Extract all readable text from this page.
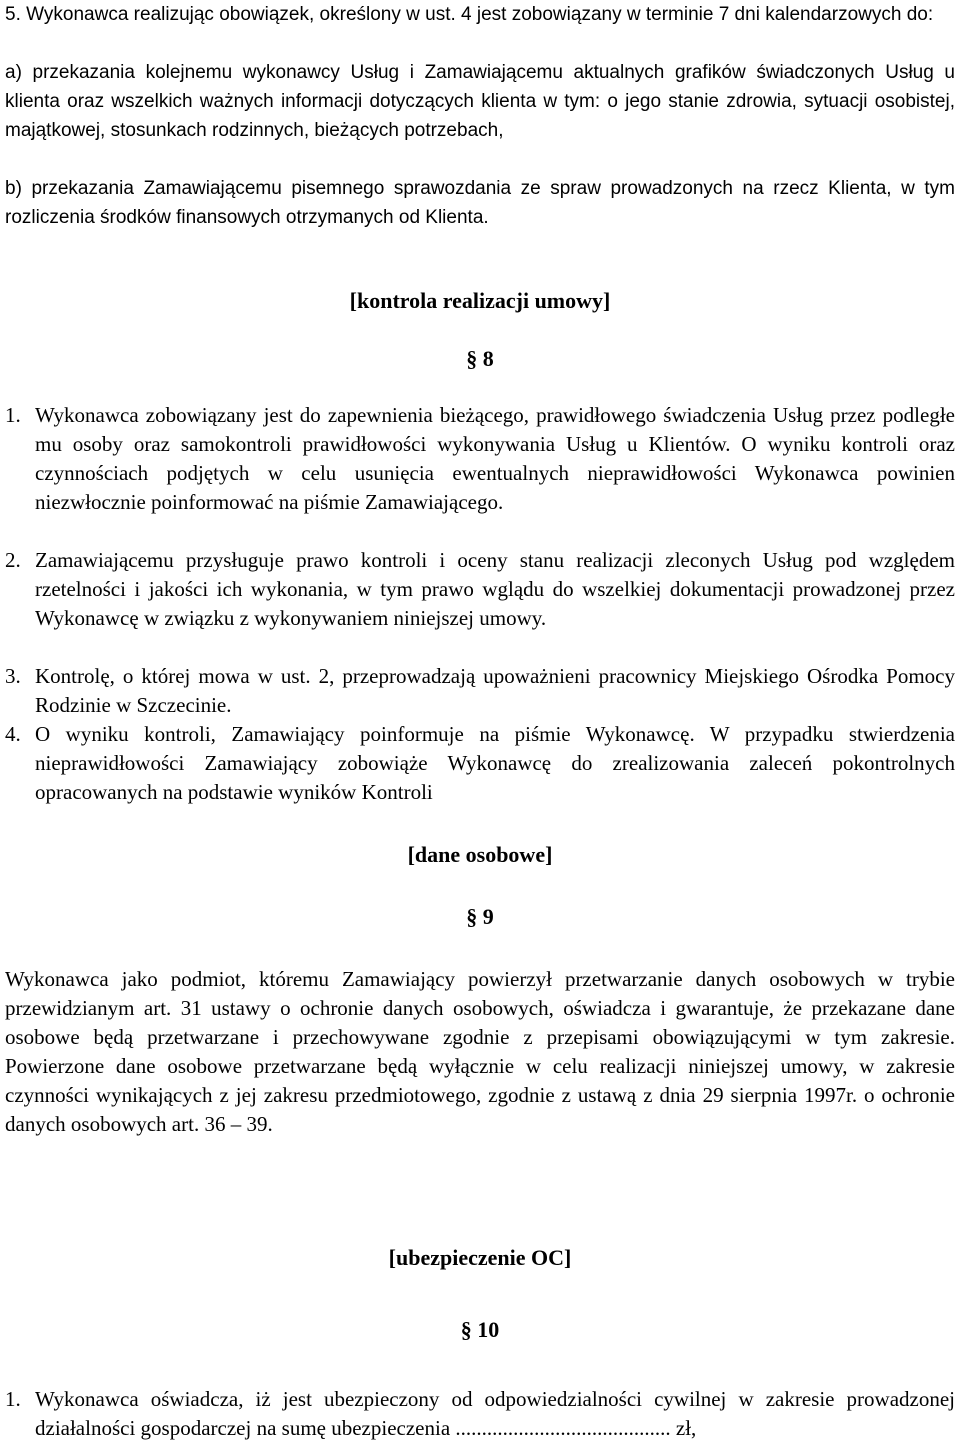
5. Wykonawca realizując obowiązek, określony w ust. 4 jest zobowiązany w terminie 7 dni kalendarzowych do:
a) przekazania kolejnemu wykonawcy Usług i Zamawiającemu aktualnych grafików świadczonych Usług u klienta oraz wszelkich ważnych informacji dotyczących klienta w tym: o jego stanie zdrowia, sytuacji osobistej, majątkowej, stosunkach rodzinnych, bieżących potrzebach,
b) przekazania Zamawiającemu pisemnego sprawozdania ze spraw prowadzonych na rzecz Klienta, w tym rozliczenia środków finansowych otrzymanych od Klienta.
[kontrola realizacji umowy]
§ 8
1. Wykonawca zobowiązany jest do zapewnienia bieżącego, prawidłowego świadczenia Usług przez podległe mu osoby oraz samokontroli prawidłowości wykonywania Usług u Klientów. O wyniku kontroli oraz czynnościach podjętych w celu usunięcia ewentualnych nieprawidłowości Wykonawca powinien niezwłocznie poinformować na piśmie Zamawiającego.
2. Zamawiającemu przysługuje prawo kontroli i oceny stanu realizacji zleconych Usług pod względem rzetelności i jakości ich wykonania, w tym prawo wglądu do wszelkiej dokumentacji prowadzonej przez Wykonawcę w związku z wykonywaniem niniejszej umowy.
3. Kontrolę, o której mowa w ust. 2, przeprowadzają upoważnieni pracownicy Miejskiego Ośrodka Pomocy Rodzinie w Szczecinie.
4. O wyniku kontroli, Zamawiający poinformuje na piśmie Wykonawcę. W przypadku stwierdzenia nieprawidłowości Zamawiający zobowiąże Wykonawcę do zrealizowania zaleceń pokontrolnych opracowanych na podstawie wyników Kontroli
[dane osobowe]
§ 9
Wykonawca jako podmiot, któremu Zamawiający powierzył przetwarzanie danych osobowych w trybie przewidzianym art. 31 ustawy o ochronie danych osobowych, oświadcza i gwarantuje, że przekazane dane osobowe będą przetwarzane i przechowywane zgodnie z przepisami obowiązującymi w tym zakresie. Powierzone dane osobowe przetwarzane będą wyłącznie w celu realizacji niniejszej umowy, w zakresie czynności wynikających z jej zakresu przedmiotowego, zgodnie z ustawą z dnia 29 sierpnia 1997r. o ochronie danych osobowych art. 36 – 39.
[ubezpieczenie OC]
§ 10
1. Wykonawca oświadcza, iż jest ubezpieczony od odpowiedzialności cywilnej w zakresie prowadzonej działalności gospodarczej na sumę ubezpieczenia ......................................... zł,
